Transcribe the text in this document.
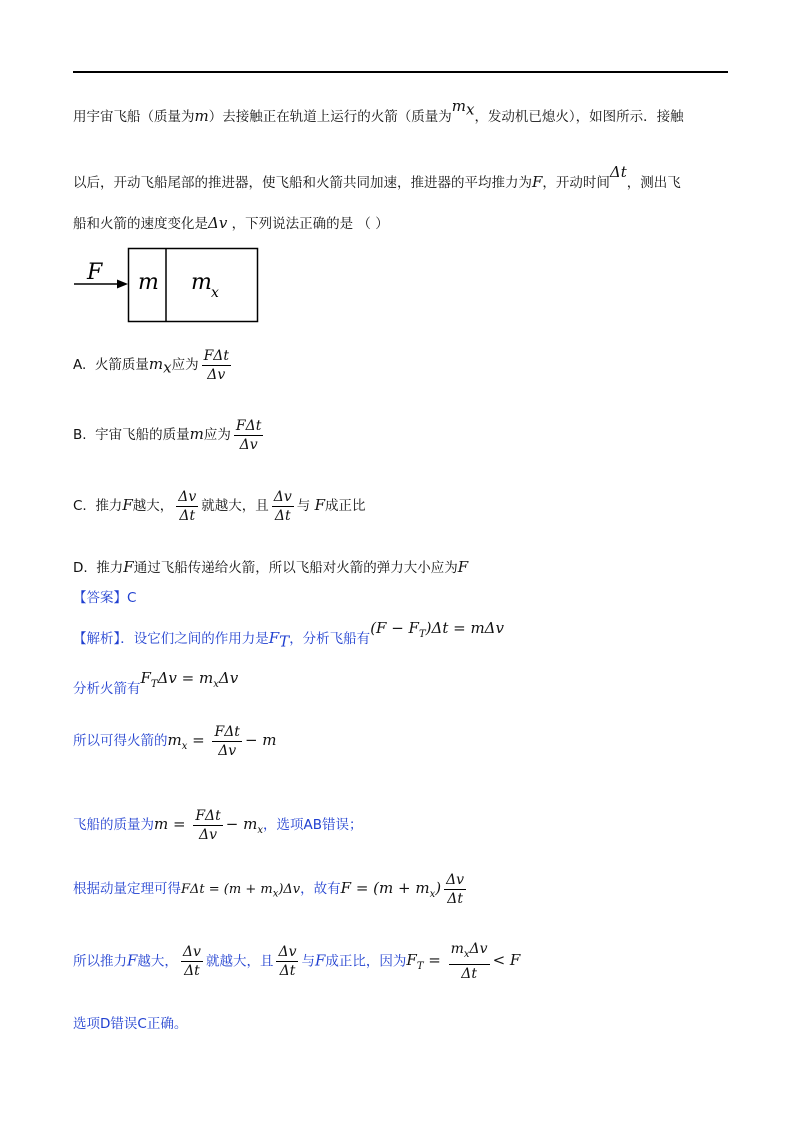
用宇宙飞船（质量为m）去接触正在轨道上运行的火箭（质量为$m_x$，发动机已熄火），如图所示．接触
以后，开动飞船尾部的推进器，使飞船和火箭共同加速，推进器的平均推力为F，开动时间Δt，测出飞
船和火箭的速度变化是Δv ，下列说法正确的是 （ ）
F m m x
A. 火箭质量$m_x$应为 $\frac{\text{FΔt}}{\Delta v}$
B. 宇宙飞船的质量m应为 $\frac{\text{FΔt}}{\Delta v}$
C. 推力F越大， $\frac{\Delta v}{\Delta t}$ 就越大，且 $\frac{\Delta v}{\Delta t}$ 与 F成正比
D. 推力F通过飞船传递给火箭，所以飞船对火箭的弹力大小应为F
【答案】C
【解析】．设它们之间的作用力是$F_T$，分析飞船有$(F - F_T)\Delta t = m\Delta v$
分析火箭有$F_T\Delta v = m_x\Delta v$
所以可得火箭的$m_x = \frac{\text{FΔt}}{\Delta v} - m$
飞船的质量为$m = \frac{\text{FΔt}}{\Delta v} - m_x$，选项AB错误；
根据动量定理可得$F\Delta t = (m + m_x)\Delta v$，故有$F = (m + m_x) \frac{\Delta v}{\Delta t}$
所以推力F越大， $\frac{\Delta v}{\Delta t}$ 就越大，且 $\frac{\Delta v}{\Delta t}$ 与F成正比，因为$F_T = \frac{m_x\Delta v}{\Delta t} < F$
选项D错误C正确。
